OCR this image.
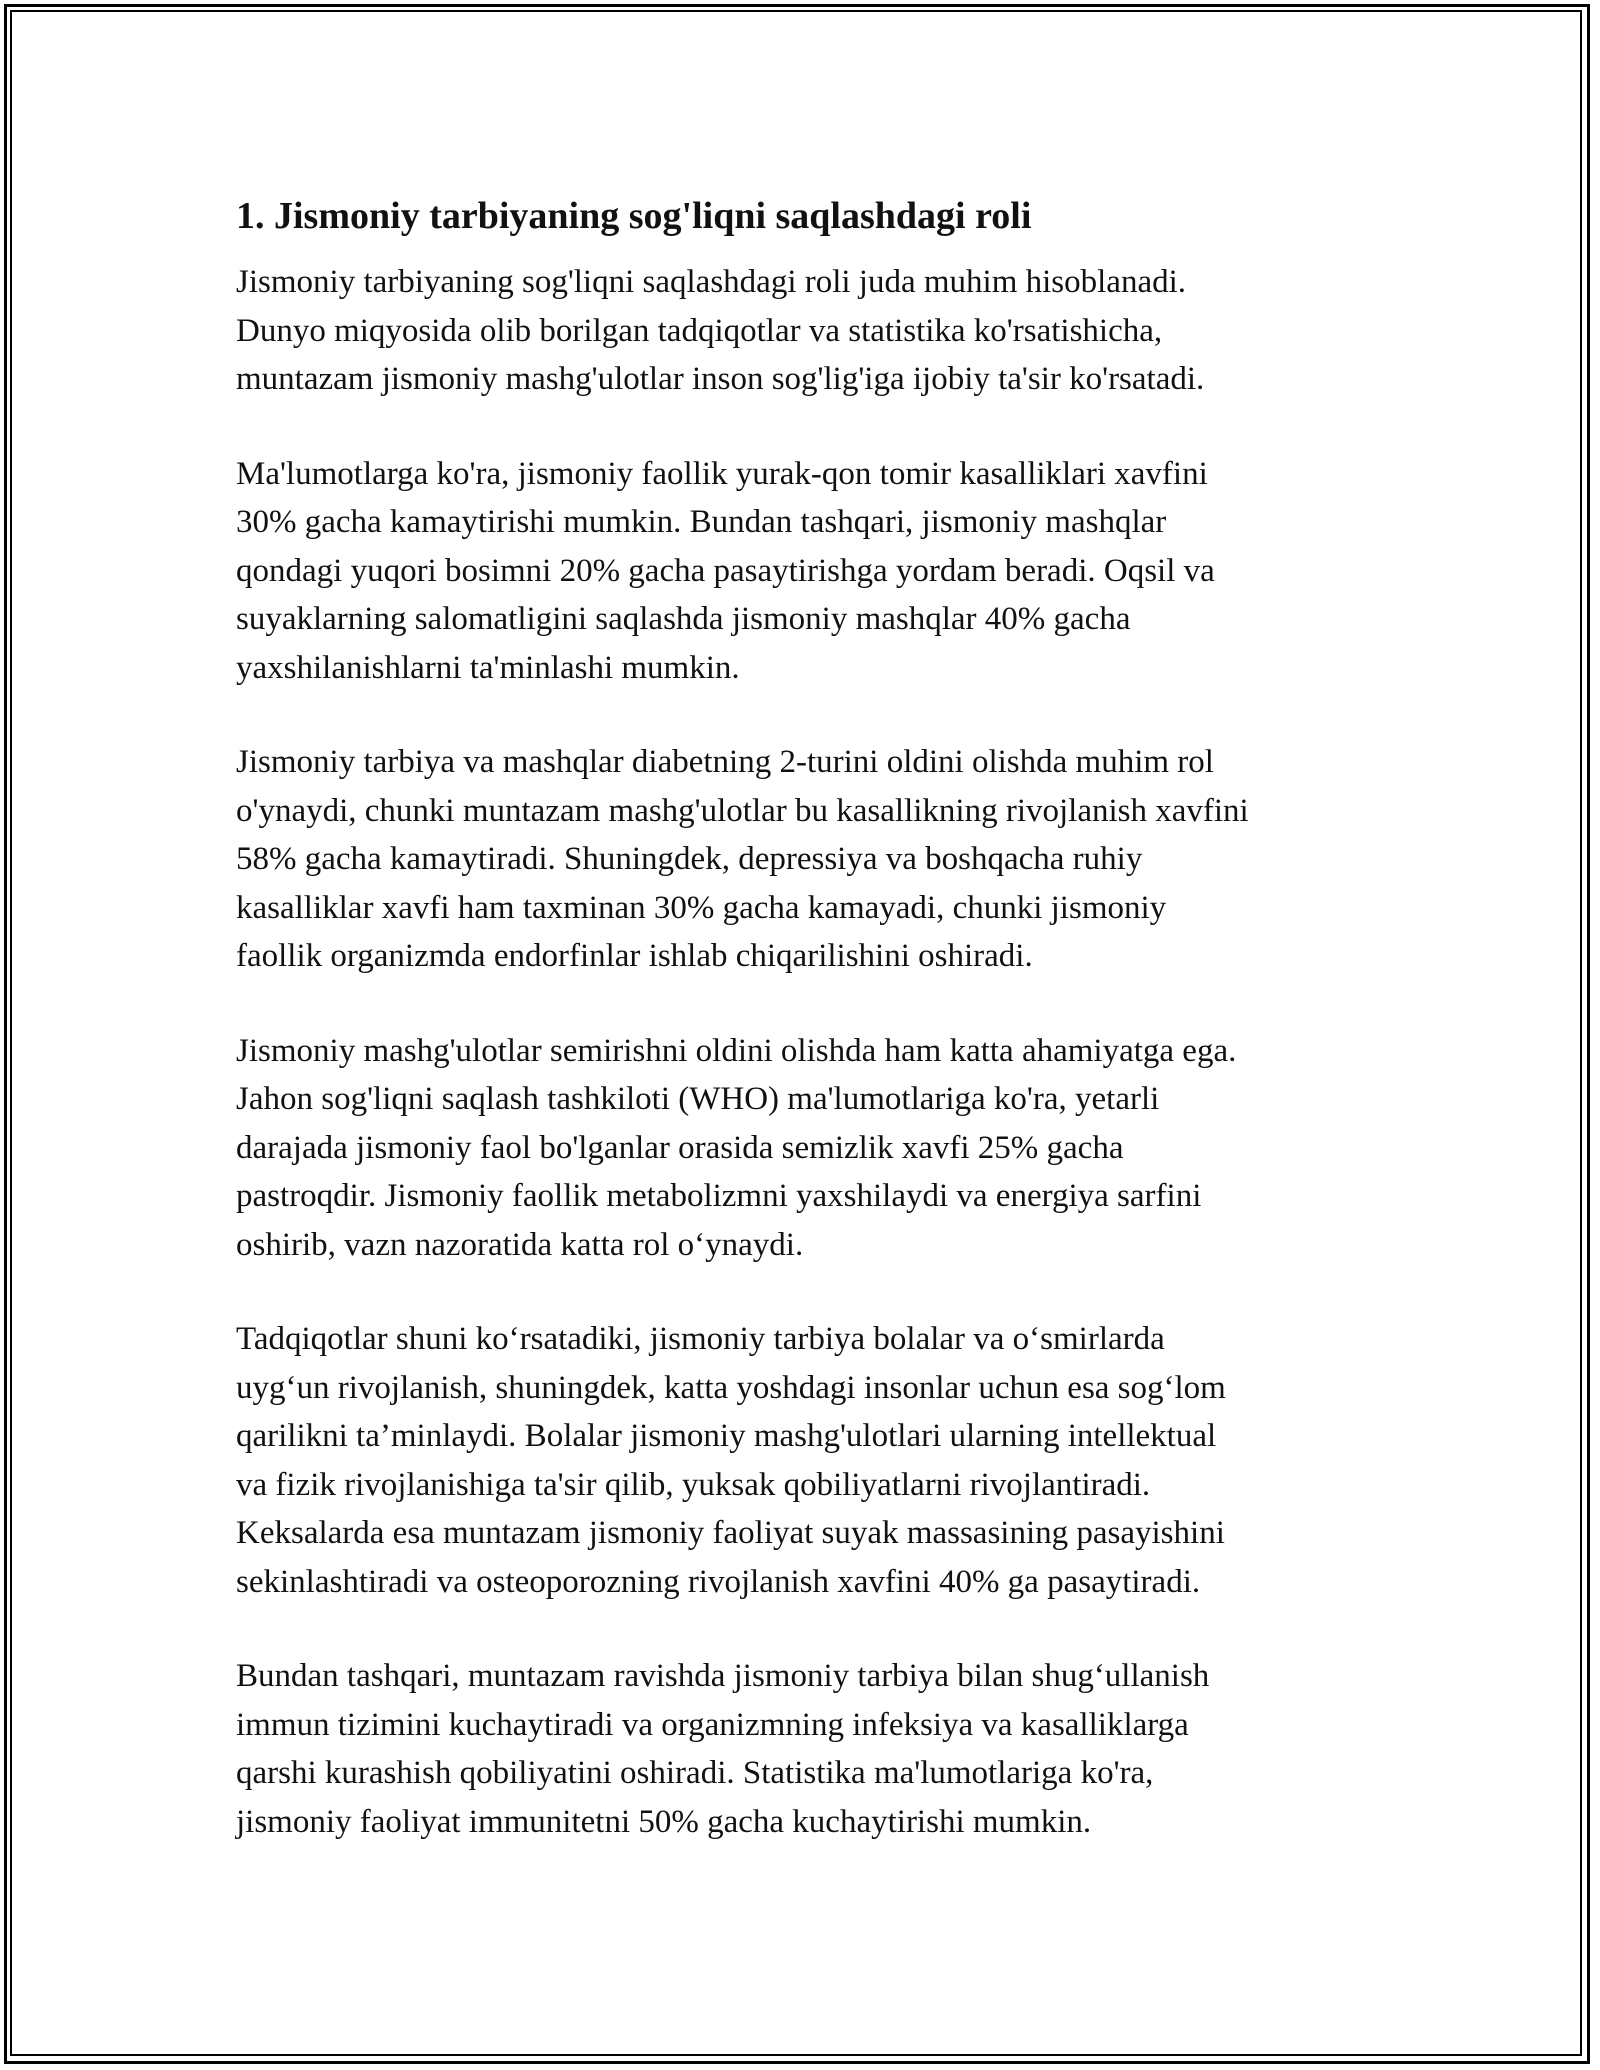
1. Jismoniy tarbiyaning sog'liqni saqlashdagi roli
Jismoniy tarbiyaning sog'liqni saqlashdagi roli juda muhim hisoblanadi.
Dunyo miqyosida olib borilgan tadqiqotlar va statistika ko'rsatishicha,
muntazam jismoniy mashg'ulotlar inson sog'lig'iga ijobiy ta'sir ko'rsatadi.
Ma'lumotlarga ko'ra, jismoniy faollik yurak-qon tomir kasalliklari xavfini
30% gacha kamaytirishi mumkin. Bundan tashqari, jismoniy mashqlar
qondagi yuqori bosimni 20% gacha pasaytirishga yordam beradi. Oqsil va
suyaklarning salomatligini saqlashda jismoniy mashqlar 40% gacha
yaxshilanishlarni ta'minlashi mumkin.
Jismoniy tarbiya va mashqlar diabetning 2-turini oldini olishda muhim rol
o'ynaydi, chunki muntazam mashg'ulotlar bu kasallikning rivojlanish xavfini
58% gacha kamaytiradi. Shuningdek, depressiya va boshqacha ruhiy
kasalliklar xavfi ham taxminan 30% gacha kamayadi, chunki jismoniy
faollik organizmda endorfinlar ishlab chiqarilishini oshiradi.
Jismoniy mashg'ulotlar semirishni oldini olishda ham katta ahamiyatga ega.
Jahon sog'liqni saqlash tashkiloti (WHO) ma'lumotlariga ko'ra, yetarli
darajada jismoniy faol bo'lganlar orasida semizlik xavfi 25% gacha
pastroqdir. Jismoniy faollik metabolizmni yaxshilaydi va energiya sarfini
oshirib, vazn nazoratida katta rol o‘ynaydi.
Tadqiqotlar shuni ko‘rsatadiki, jismoniy tarbiya bolalar va o‘smirlarda
uyg‘un rivojlanish, shuningdek, katta yoshdagi insonlar uchun esa sog‘lom
qarilikni ta’minlaydi. Bolalar jismoniy mashg'ulotlari ularning intellektual
va fizik rivojlanishiga ta'sir qilib, yuksak qobiliyatlarni rivojlantiradi.
Keksalarda esa muntazam jismoniy faoliyat suyak massasining pasayishini
sekinlashtiradi va osteoporozning rivojlanish xavfini 40% ga pasaytiradi.
Bundan tashqari, muntazam ravishda jismoniy tarbiya bilan shug‘ullanish
immun tizimini kuchaytiradi va organizmning infeksiya va kasalliklarga
qarshi kurashish qobiliyatini oshiradi. Statistika ma'lumotlariga ko'ra,
jismoniy faoliyat immunitetni 50% gacha kuchaytirishi mumkin.
